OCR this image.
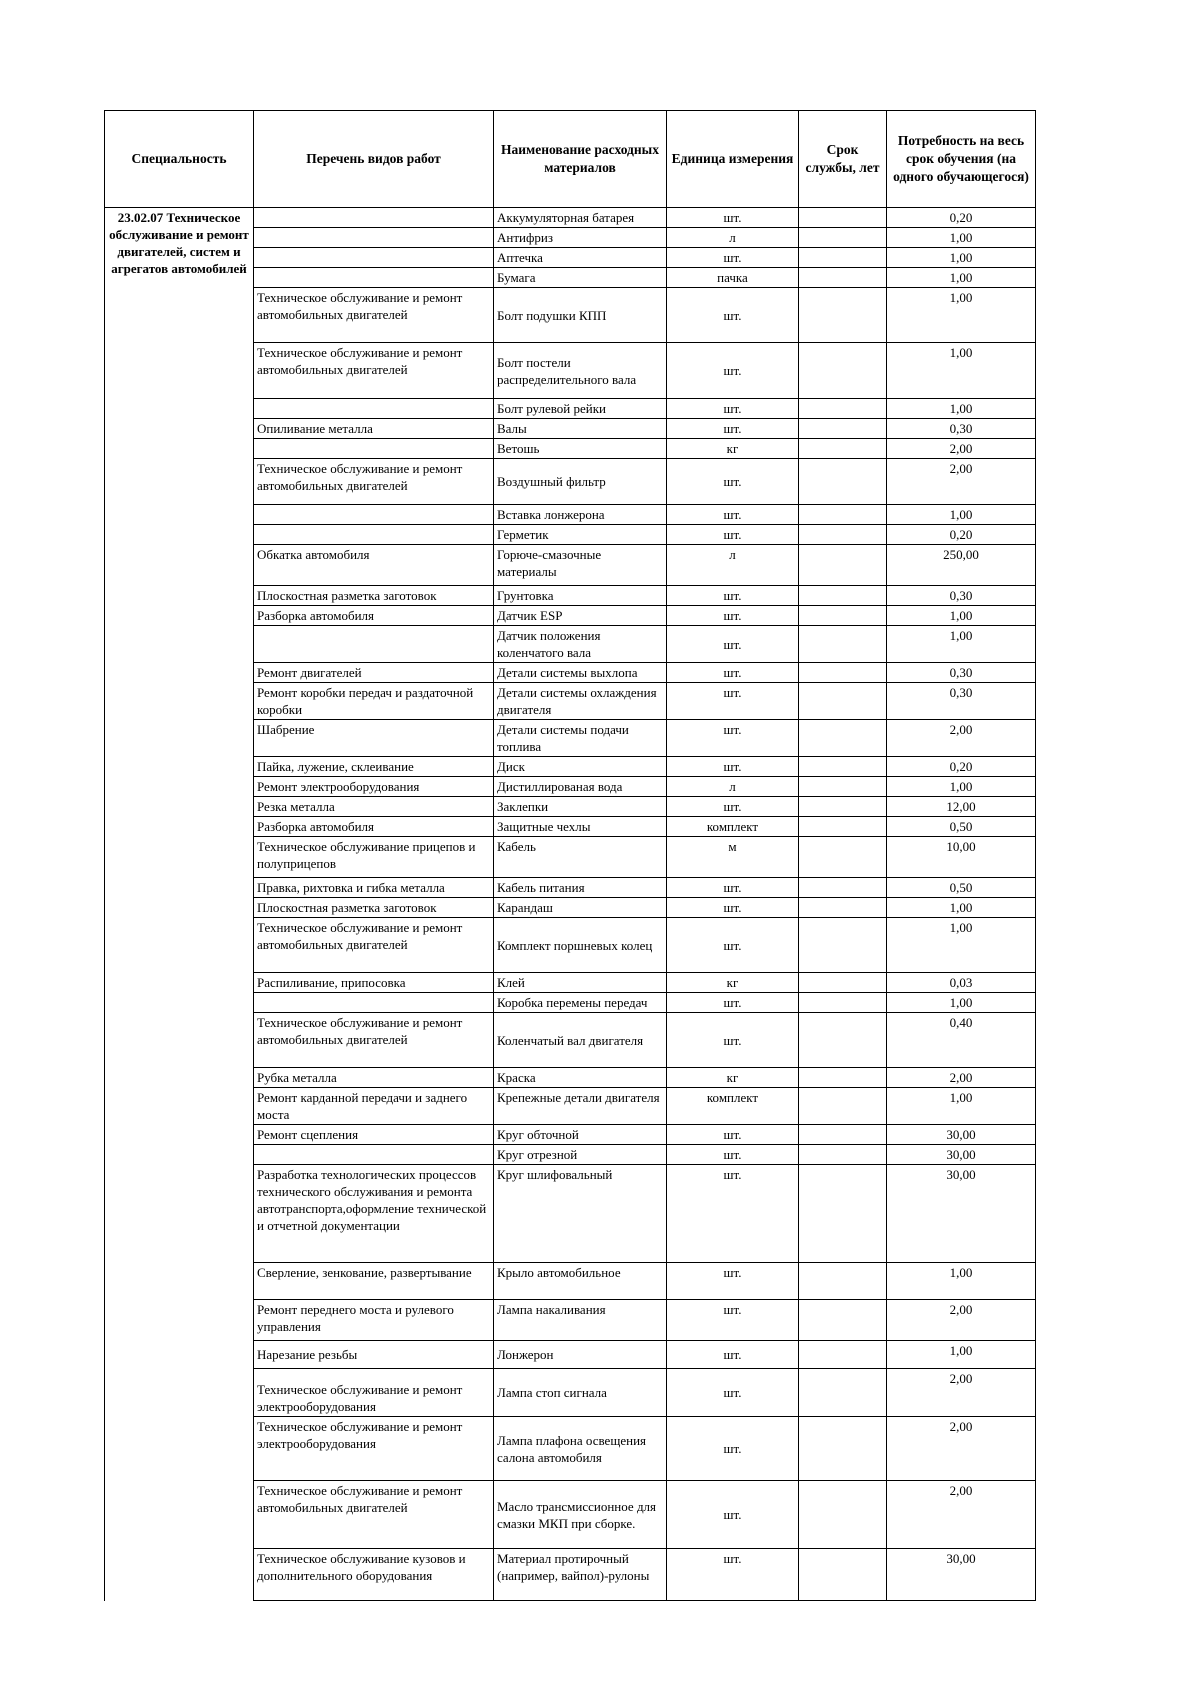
Специальность	Перечень видов работ	Наименование расходных материалов	Единица измерения	Срок службы, лет	Потребность на весь срок обучения (на одного обучающегося)

23.02.07 Техническое обслуживание и ремонт двигателей, систем и агрегатов автомобилей		Аккумуляторная батарея	шт.		0,20
		Антифриз	л		1,00
		Аптечка	шт.		1,00
		Бумага	пачка		1,00
	Техническое обслуживание и ремонт автомобильных двигателей	Болт подушки КПП	шт.		1,00
	Техническое обслуживание и ремонт автомобильных двигателей	Болт постели распределительного вала	шт.		1,00
		Болт рулевой рейки	шт.		1,00
	Опиливание металла	Валы	шт.		0,30
		Ветошь	кг		2,00
	Техническое обслуживание и ремонт автомобильных двигателей	Воздушный фильтр	шт.		2,00
		Вставка лонжерона	шт.		1,00
		Герметик	шт.		0,20
	Обкатка автомобиля	Горюче-смазочные материалы	л		250,00
	Плоскостная разметка заготовок	Грунтовка	шт.		0,30
	Разборка автомобиля	Датчик ESP	шт.		1,00
		Датчик положения коленчатого вала	шт.		1,00
	Ремонт двигателей	Детали системы выхлопа	шт.		0,30
	Ремонт коробки передач и раздаточной коробки	Детали системы охлаждения двигателя	шт.		0,30
	Шабрение	Детали системы подачи топлива	шт.		2,00
	Пайка, лужение, склеивание	Диск	шт.		0,20
	Ремонт электрооборудования	Дистиллированая вода	л		1,00
	Резка металла	Заклепки	шт.		12,00
	Разборка автомобиля	Защитные чехлы	комплект		0,50
	Техническое обслуживание прицепов и полуприцепов	Кабель	м		10,00
	Правка, рихтовка и гибка металла	Кабель питания	шт.		0,50
	Плоскостная разметка заготовок	Карандаш	шт.		1,00
	Техническое обслуживание и ремонт автомобильных двигателей	Комплект поршневых колец	шт.		1,00
	Распиливание, припосовка	Клей	кг		0,03
		Коробка перемены передач	шт.		1,00
	Техническое обслуживание и ремонт автомобильных двигателей	Коленчатый вал двигателя	шт.		0,40
	Рубка металла	Краска	кг		2,00
	Ремонт карданной передачи и заднего моста	Крепежные детали двигателя	комплект		1,00
	Ремонт сцепления	Круг обточной	шт.		30,00
		Круг отрезной	шт.		30,00

	Разработка технологических процессов технического обслуживания и ремонта автотранспорта,оформление технической и отчетной документации	Круг шлифовальный	шт.		30,00
	Сверление, зенкование, развертывание	Крыло автомобильное	шт.		1,00
	Ремонт переднего моста и рулевого управления	Лампа накаливания	шт.		2,00
	Нарезание резьбы	Лонжерон	шт.		1,00
	Техническое обслуживание и ремонт электрооборудования	Лампа стоп сигнала	шт.		2,00
	Техническое обслуживание и ремонт электрооборудования	Лампа плафона освещения салона автомобиля	шт.		2,00
	Техническое обслуживание и ремонт автомобильных двигателей	Масло трансмиссионное для смазки МКП при сборке.	шт.		2,00
	Техническое обслуживание кузовов и дополнительного оборудования	Материал протирочный (например, вайпол)-рулоны	шт.		30,00
